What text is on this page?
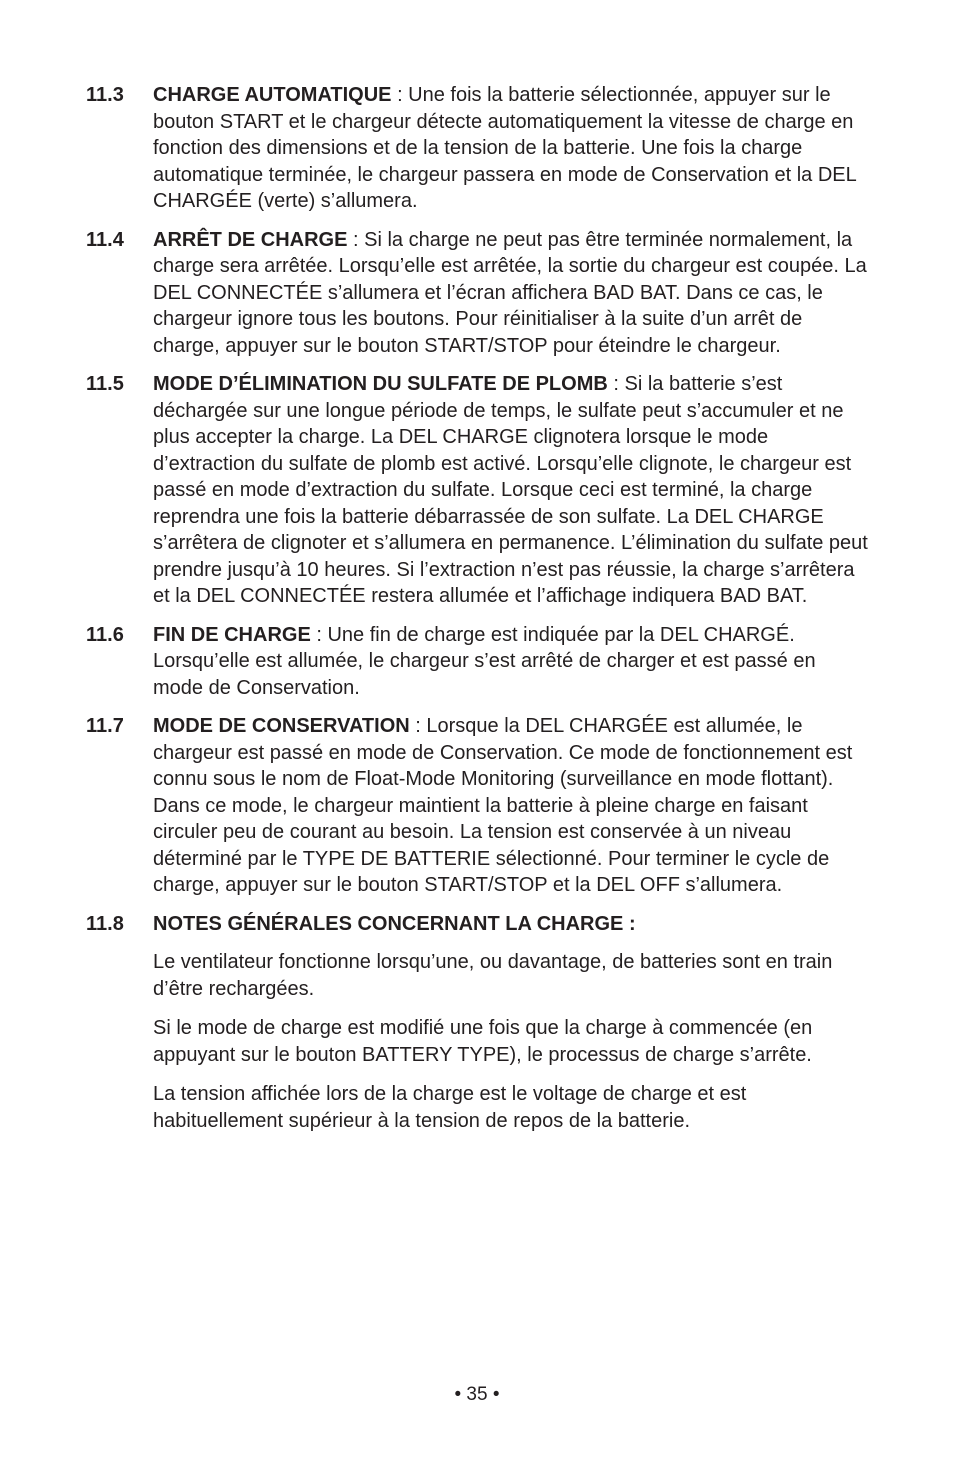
11.3	CHARGE AUTOMATIQUE : Une fois la batterie sélectionnée, appuyer sur le bouton START et le chargeur détecte automatiquement la vitesse de charge en fonction des dimensions et de la tension de la batterie. Une fois la charge automatique terminée, le chargeur passera en mode de Conservation et la DEL CHARGÉE (verte) s’allumera.

11.4	ARRÊT DE CHARGE : Si la charge ne peut pas être terminée normalement, la charge sera arrêtée. Lorsqu’elle est arrêtée, la sortie du chargeur est coupée. La DEL CONNECTÉE s’allumera et l’écran affichera BAD BAT. Dans ce cas, le chargeur ignore tous les boutons. Pour réinitialiser à la suite d’un arrêt de charge, appuyer sur le bouton START/STOP pour éteindre le chargeur.

11.5	MODE D’ÉLIMINATION DU SULFATE DE PLOMB : Si la batterie s’est déchargée sur une longue période de temps, le sulfate peut s’accumuler et ne plus accepter la charge. La DEL CHARGE clignotera lorsque le mode d’extraction du sulfate de plomb est activé. Lorsqu’elle clignote, le chargeur est passé en mode d’extraction du sulfate. Lorsque ceci est terminé, la charge reprendra une fois la batterie débarrassée de son sulfate. La DEL CHARGE s’arrêtera de clignoter et s’allumera en permanence. L’élimination du sulfate peut prendre jusqu’à 10 heures. Si l’extraction n’est pas réussie, la charge s’arrêtera et la DEL CONNECTÉE restera allumée et l’affichage indiquera BAD BAT.

11.6	FIN DE CHARGE : Une fin de charge est indiquée par la DEL CHARGÉ. Lorsqu’elle est allumée, le chargeur s’est arrêté de charger et est passé en mode de Conservation.

11.7	MODE DE CONSERVATION : Lorsque la DEL CHARGÉE est allumée, le chargeur est passé en mode de Conservation. Ce mode de fonctionnement est connu sous le nom de Float-Mode Monitoring (surveillance en mode flottant). Dans ce mode, le chargeur maintient la batterie à pleine charge en faisant circuler peu de courant au besoin. La tension est conservée à un niveau déterminé par le TYPE DE BATTERIE sélectionné. Pour terminer le cycle de charge, appuyer sur le bouton START/STOP et la DEL OFF s’allumera.

11.8	NOTES GÉNÉRALES CONCERNANT LA CHARGE :

Le ventilateur fonctionne lorsqu’une, ou davantage, de batteries sont en train d’être rechargées.

Si le mode de charge est modifié une fois que la charge à commencée (en appuyant sur le bouton BATTERY TYPE), le processus de charge s’arrête.

La tension affichée lors de la charge est le voltage de charge et est habituellement supérieur à la tension de repos de la batterie.

• 35 •
